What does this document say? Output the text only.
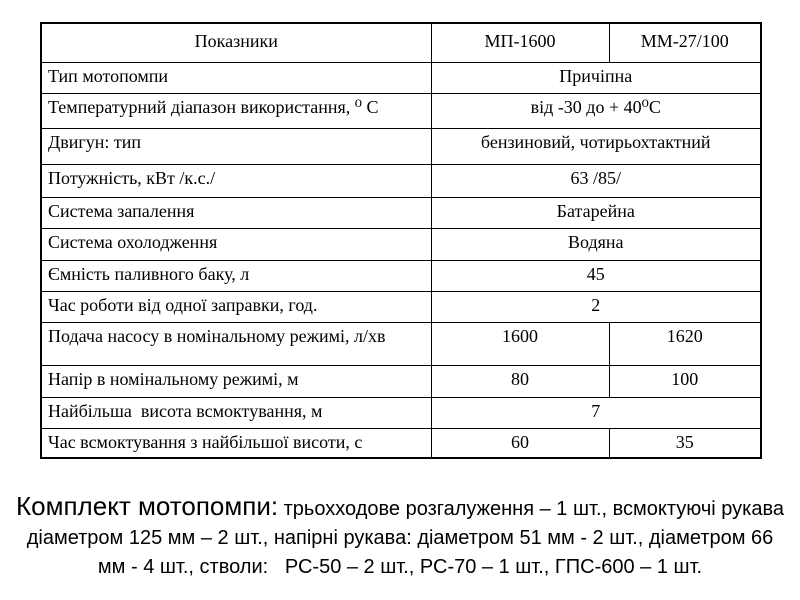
Показники	МП-1600	ММ-27/100
Тип мотопомпи	Причіпна	
Температурний діапазон використання, ⁰ С	від -30 до + 40⁰С	
Двигун: тип	бензиновий, чотирьохтактний	
Потужність, кВт /к.с./	63 /85/	
Система запалення	Батарейна	
Система охолодження	Водяна	
Ємність паливного баку, л	45	
Час роботи від одної заправки, год.	2	
Подача насосу в номінальному режимі, л/хв	1600	1620
Напір в номінальному режимі, м	80	100
Найбільша  висота всмоктування, м	7	
Час всмоктування з найбільшої висоти, с	60	35

Комплект мотопомпи: трьохходове розгалуження – 1 шт., всмоктуючі рукава діаметром 125 мм – 2 шт., напірні рукава: діаметром 51 мм - 2 шт., діаметром 66 мм - 4 шт., стволи:   РС-50 – 2 шт., РС-70 – 1 шт., ГПС-600 – 1 шт.
